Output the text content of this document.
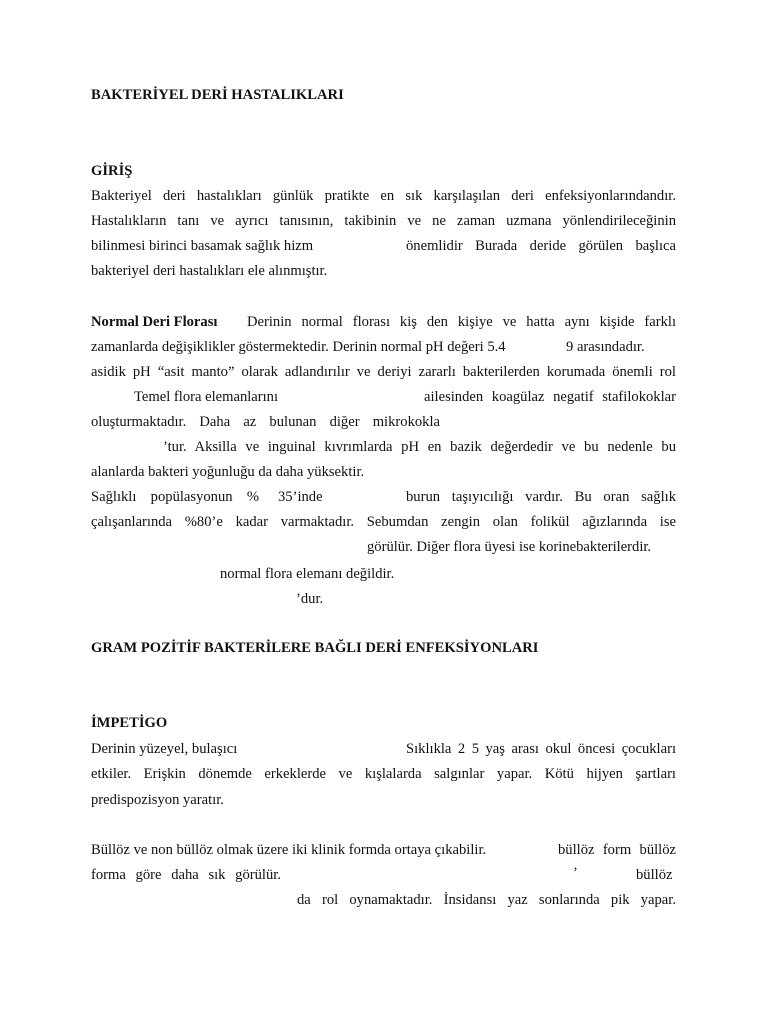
BAKTERİYEL DERİ HASTALIKLARI
GİRİŞ
Bakteriyel deri hastalıkları günlük pratikte en sık karşılaşılan deri enfeksiyonlarındandır.
Hastalıkların tanı ve ayrıcı tanısının, takibinin ve ne zaman uzmana yönlendirileceğinin
bilinmesi birinci basamak sağlık hizm	önemlidir Burada deride görülen başlıca
bakteriyel deri hastalıkları ele alınmıştır.
Normal Deri Florası Derinin normal florası kiş den kişiye ve hatta aynı kişide farklı
zamanlarda değişiklikler göstermektedir. Derinin normal pH değeri 5.4	9 arasındadır.
asidik pH “asit manto” olarak adlandırılır ve deriyi zararlı bakterilerden korumada önemli rol
Temel flora elemanlarını	ailesinden koagülaz negatif stafilokoklar
oluşturmaktadır. Daha az bulunan diğer mikrokokla
’tur. Aksilla ve inguinal kıvrımlarda pH en bazik değerdedir ve bu nedenle bu
alanlarda bakteri yoğunluğu da daha yüksektir.
Sağlıklı popülasyonun % 35’inde	burun taşıyıcılığı vardır. Bu oran sağlık
çalışanlarında %80’e kadar varmaktadır. Sebumdan zengin olan folikül ağızlarında ise
görülür. Diğer flora üyesi ise korinebakterilerdir.
normal flora elemanı değildir.
’dur.
GRAM POZİTİF BAKTERİLERE BAĞLI DERİ ENFEKSİYONLARI
İMPETİGO
Derinin yüzeyel, bulaşıcı	Sıklıkla 2 5 yaş arası okul öncesi çocukları
etkiler. Erişkin dönemde erkeklerde ve kışlalarda salgınlar yapar. Kötü hijyen şartları
predispozisyon yaratır.
Büllöz ve non büllöz olmak üzere iki klinik formda ortaya çıkabilir.	büllöz form büllöz
forma göre daha sık görülür.	’	büllöz
da rol oynamaktadır. İnsidansı yaz sonlarında pik yapar.
